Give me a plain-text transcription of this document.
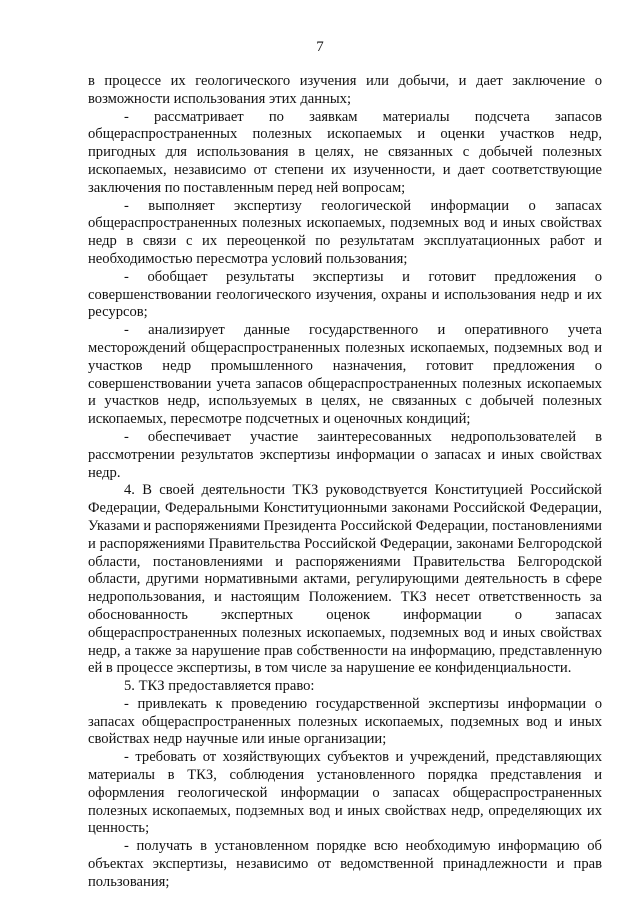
7

в процессе их геологического изучения или добычи, и дает заключение о возможности использования этих данных;

- рассматривает по заявкам материалы подсчета запасов общераспространенных полезных ископаемых и оценки участков недр, пригодных для использования в целях, не связанных с добычей полезных ископаемых, независимо от степени их изученности, и дает соответствующие заключения по поставленным перед ней вопросам;

- выполняет экспертизу геологической информации о запасах общераспространенных полезных ископаемых, подземных вод и иных свойствах недр в связи с их переоценкой по результатам эксплуатационных работ и необходимостью пересмотра условий пользования;

- обобщает результаты экспертизы и готовит предложения о совершенствовании геологического изучения, охраны и использования недр и их ресурсов;

- анализирует данные государственного и оперативного учета месторождений общераспространенных полезных ископаемых, подземных вод и участков недр промышленного назначения, готовит предложения о совершенствовании учета запасов общераспространенных полезных ископаемых и участков недр, используемых в целях, не связанных с добычей полезных ископаемых, пересмотре подсчетных и оценочных кондиций;

- обеспечивает участие заинтересованных недропользователей в рассмотрении результатов экспертизы информации о запасах и иных свойствах недр.

4. В своей деятельности ТКЗ руководствуется Конституцией Российской Федерации, Федеральными Конституционными законами Российской Федерации, Указами и распоряжениями Президента Российской Федерации, постановлениями и распоряжениями Правительства Российской Федерации, законами Белгородской области, постановлениями и распоряжениями Правительства Белгородской области, другими нормативными актами, регулирующими деятельность в сфере недропользования, и настоящим Положением. ТКЗ несет ответственность за обоснованность экспертных оценок информации о запасах общераспространенных полезных ископаемых, подземных вод и иных свойствах недр, а также за нарушение прав собственности на информацию, представленную ей в процессе экспертизы, в том числе за нарушение ее конфиденциальности.

5. ТКЗ предоставляется право:

- привлекать к проведению государственной экспертизы информации о запасах общераспространенных полезных ископаемых, подземных вод и иных свойствах недр научные или иные организации;

- требовать от хозяйствующих субъектов и учреждений, представляющих материалы в ТКЗ, соблюдения установленного порядка представления и оформления геологической информации о запасах общераспространенных полезных ископаемых, подземных вод и иных свойствах недр, определяющих их ценность;

- получать в установленном порядке всю необходимую информацию об объектах экспертизы, независимо от ведомственной принадлежности и прав пользования;
